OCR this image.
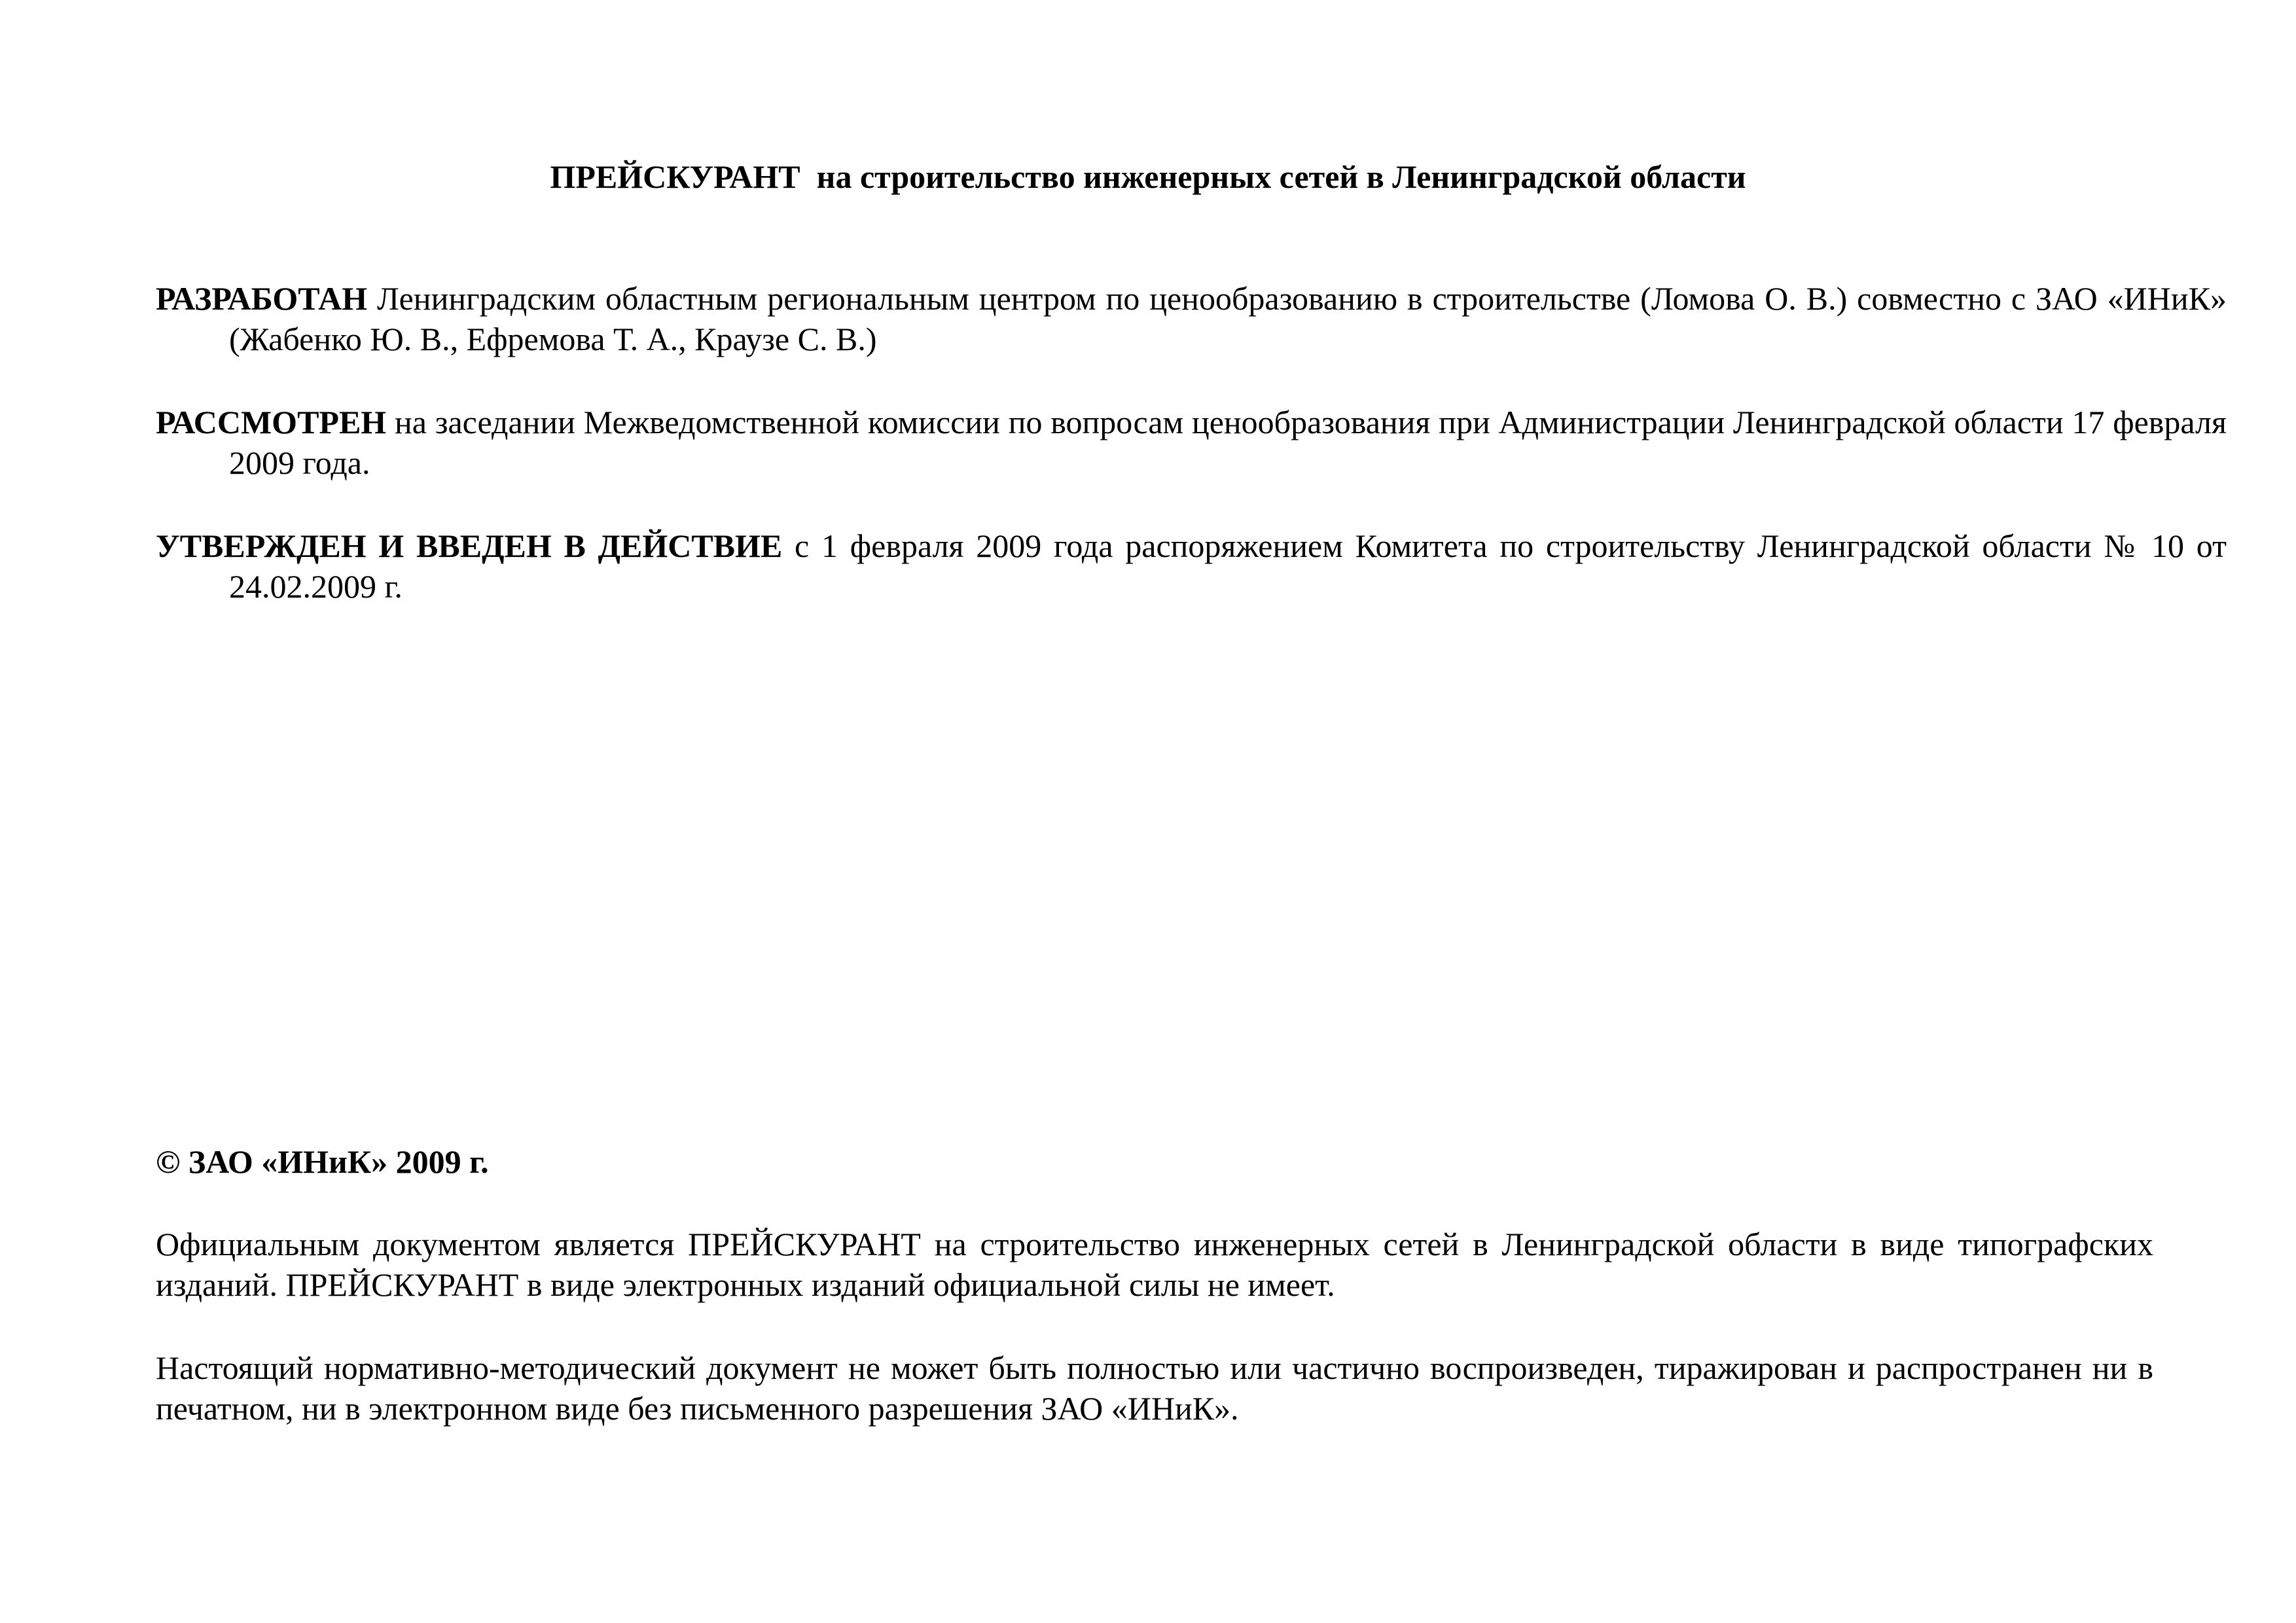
ПРЕЙСКУРАНТ  на строительство инженерных сетей в Ленинградской области
РАЗРАБОТАН Ленинградским областным региональным центром по ценообразованию в строительстве (Ломова О. В.) совместно с ЗАО «ИНиК» (Жабенко Ю. В., Ефремова Т. А., Краузе С. В.)
РАССМОТРЕН на заседании Межведомственной комиссии по вопросам ценообразования при Администрации Ленинградской области 17 февраля 2009 года.
УТВЕРЖДЕН И ВВЕДЕН В ДЕЙСТВИЕ с 1 февраля 2009 года распоряжением Комитета по строительству Ленинградской области № 10 от 24.02.2009 г.
© ЗАО «ИНиК» 2009 г.
Официальным документом является ПРЕЙСКУРАНТ на строительство инженерных сетей в Ленинградской области в виде типографских изданий. ПРЕЙСКУРАНТ в виде электронных изданий официальной силы не имеет.
Настоящий нормативно-методический документ не может быть полностью или частично воспроизведен, тиражирован и распространен ни в печатном, ни в электронном виде без письменного разрешения ЗАО «ИНиК».
